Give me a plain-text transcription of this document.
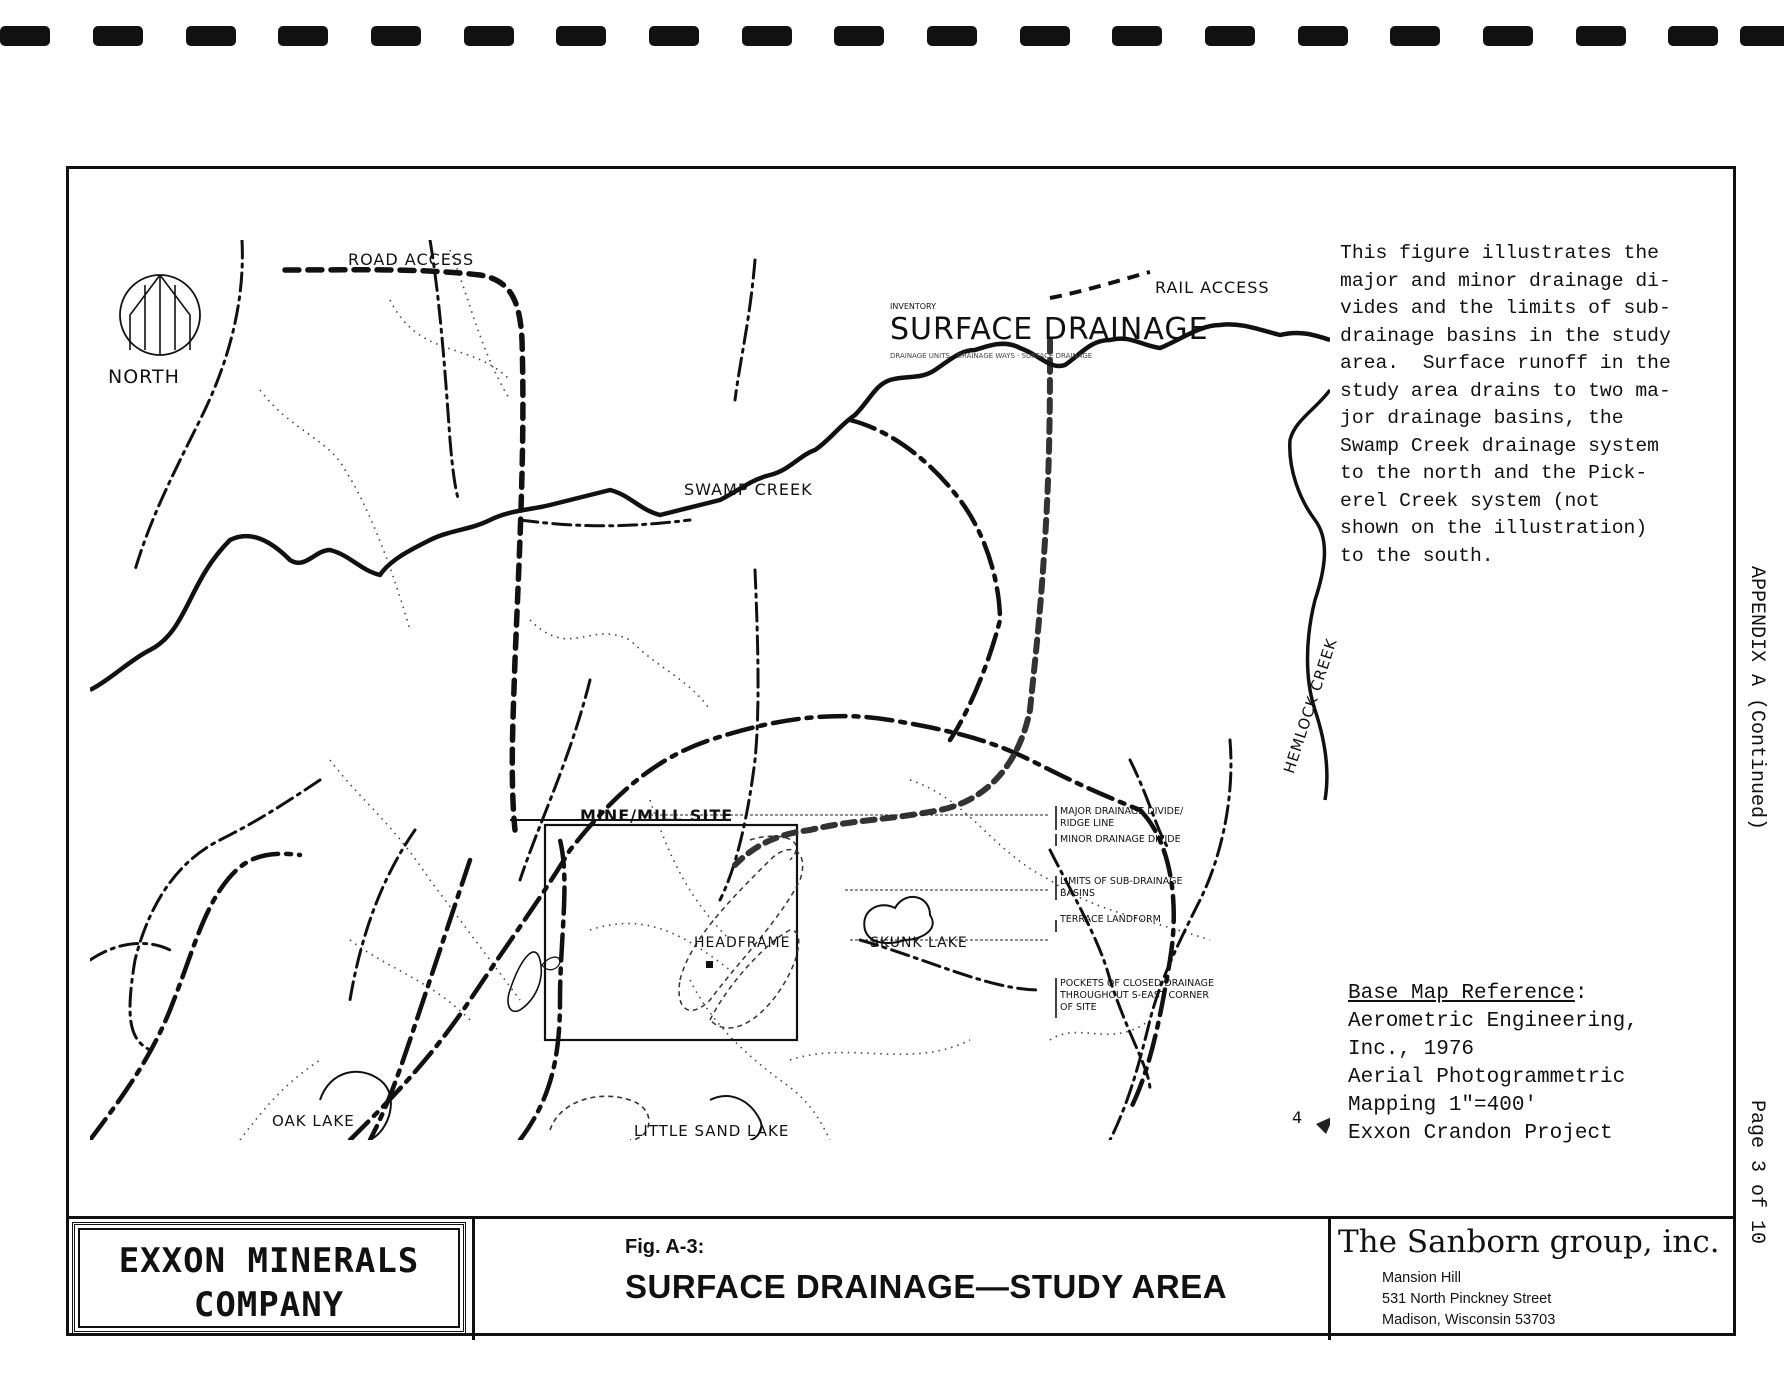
INVENTORY
SURFACE DRAINAGE
DRAINAGE UNITS · DRAINAGE WAYS · SURFACE DRAINAGE
NORTH
ROAD ACCESS
RAIL ACCESS
SWAMP CREEK
HEMLOCK CREEK
MINE/MILL SITE
HEADFRAME	SKUNK LAKE
OAK LAKE
LITTLE SAND LAKE
4
MAJOR DRAINAGE DIVIDE/
RIDGE LINE
MINOR DRAINAGE DIVIDE
LIMITS OF SUB-DRAINAGE
BASINS
TERRACE LANDFORM
POCKETS OF CLOSED DRAINAGE
THROUGHOUT S-EAST CORNER
OF SITE
This figure illustrates the
major and minor drainage di-
vides and the limits of sub-
drainage basins in the study
area.  Surface runoff in the
study area drains to two ma-
jor drainage basins, the
Swamp Creek drainage system
to the north and the Pick-
erel Creek system (not
shown on the illustration)
to the south.
Base Map Reference:
Aerometric Engineering,
Inc., 1976
Aerial Photogrammetric
Mapping 1"=400'
Exxon Crandon Project
APPENDIX A (Continued)
Page 3 of 10
EXXON MINERALS
COMPANY
Fig. A-3:
SURFACE DRAINAGE—STUDY AREA
The Sanborn group, inc.
Mansion Hill
531 North Pinckney Street
Madison, Wisconsin 53703
